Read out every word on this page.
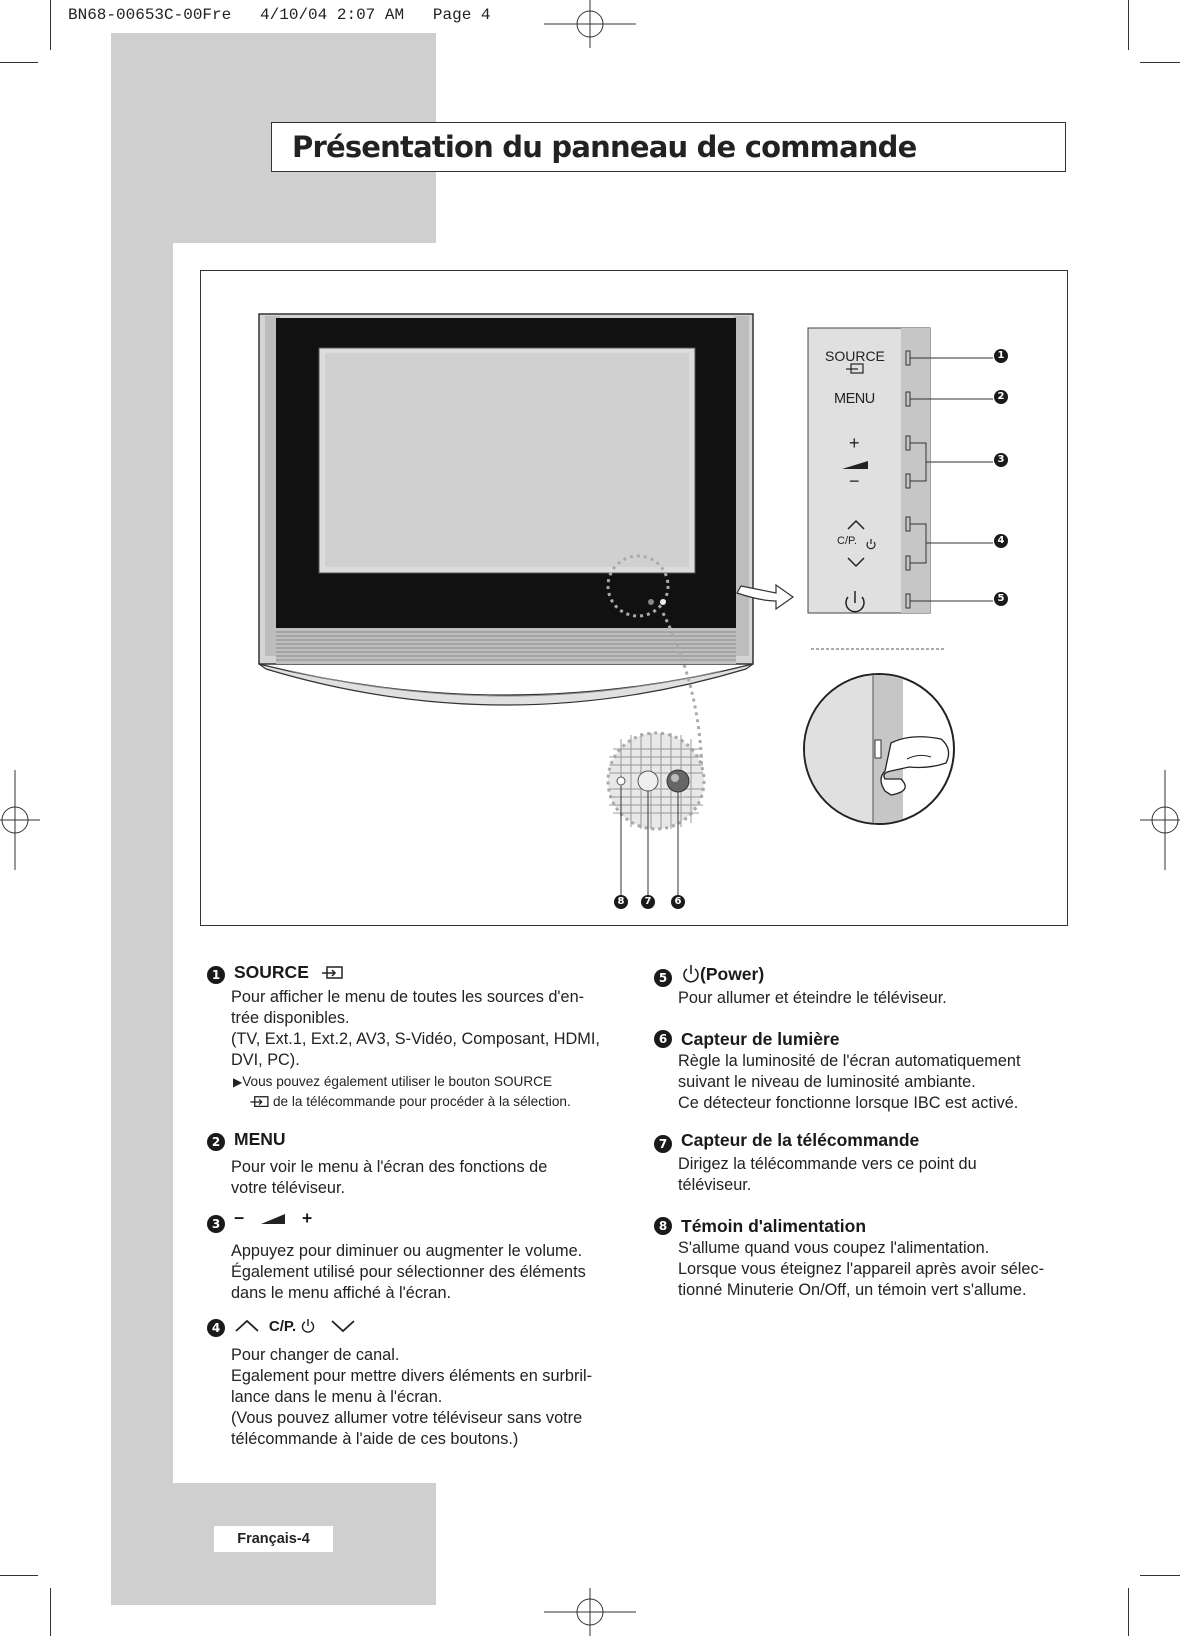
BN68-00653C-00Fre 4/10/04 2:07 AM Page 4
Présentation du panneau de commande
SOURCE
MENU
+
−
C/P.
1
2
3
4
5
8	7	6
1 SOURCE
Pour afficher le menu de toutes les sources d'en-
trée disponibles.
(TV, Ext.1, Ext.2, AV3, S-Vidéo, Composant, HDMI,
DVI, PC).
▶Vous pouvez également utiliser le bouton SOURCE
de la télécommande pour procéder à la sélection.
2 MENU
Pour voir le menu à l'écran des fonctions de
votre téléviseur.
3 −	+
Appuyez pour diminuer ou augmenter le volume.
Également utilisé pour sélectionner des éléments
dans le menu affiché à l'écran.
4	C/P.
Pour changer de canal.
Egalement pour mettre divers éléments en surbril-
lance dans le menu à l'écran.
(Vous pouvez allumer votre téléviseur sans votre
télécommande à l'aide de ces boutons.)
5	(Power)
Pour allumer et éteindre le téléviseur.
6 Capteur de lumière
Règle la luminosité de l'écran automatiquement
suivant le niveau de luminosité ambiante.
Ce détecteur fonctionne lorsque IBC est activé.
7 Capteur de la télécommande
Dirigez la télécommande vers ce point du
téléviseur.
8 Témoin d'alimentation
S'allume quand vous coupez l'alimentation.
Lorsque vous éteignez l'appareil après avoir sélec-
tionné Minuterie On/Off, un témoin vert s'allume.
Français-4
